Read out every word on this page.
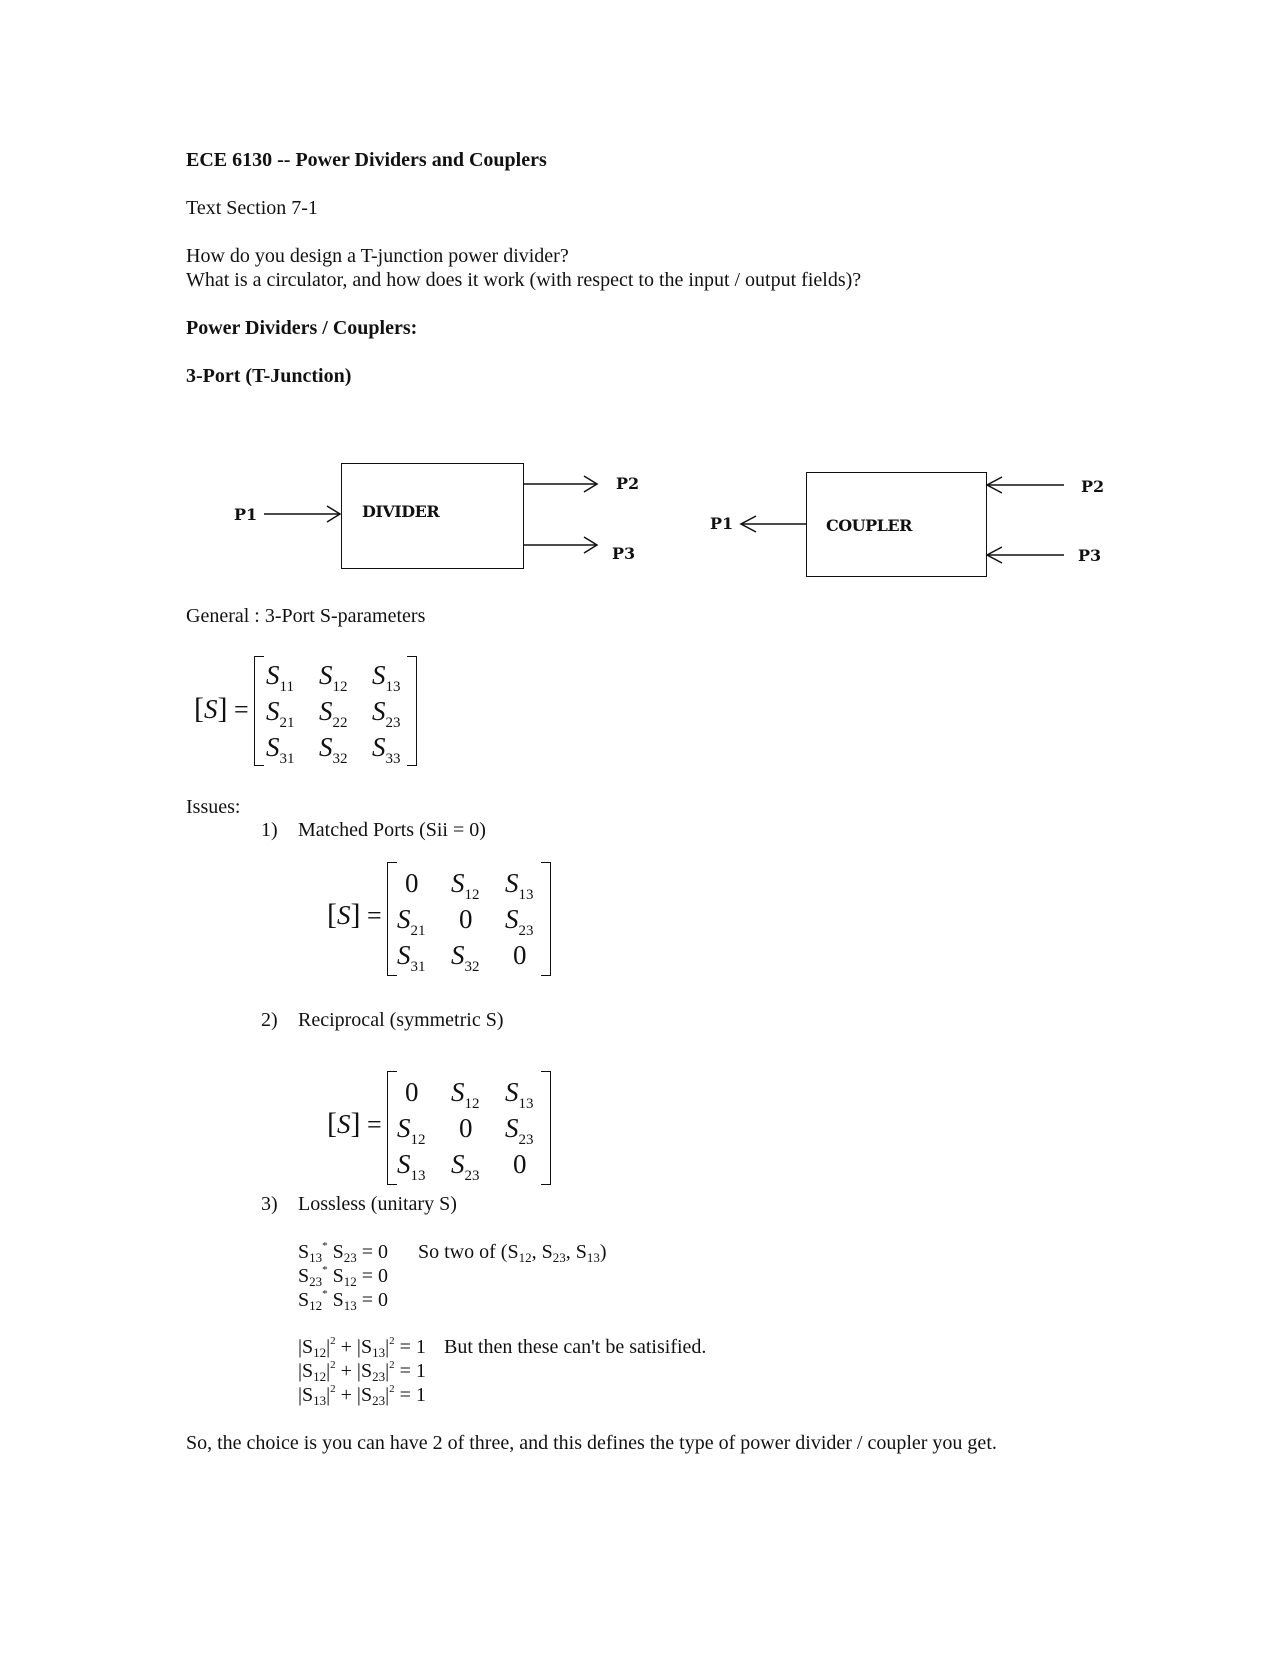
ECE 6130 -- Power Dividers and Couplers
Text Section 7-1
How do you design a T-junction power divider?
What is a circulator, and how does it work (with respect to the input / output fields)?
Power Dividers / Couplers:
3-Port (T-Junction)
P1	DIVIDER
P2
P3
P1	COUPLER
P2
P3
General : 3-Port S-parameters
[S] =
$S_{11}$ $S_{12}$ $S_{13}$
$S_{21}$ $S_{22}$ $S_{23}$
$S_{31}$ $S_{32}$ $S_{33}$
Issues:
1) Matched Ports (Sii = 0)
[S] =
0 $S_{12}$ $S_{13}$
$S_{21}$ 0 $S_{23}$
$S_{31}$ $S_{32}$ 0
2) Reciprocal (symmetric S)
[S] =
0 $S_{12}$ $S_{13}$
$S_{12}$ 0 $S_{23}$
$S_{13}$ $S_{23}$ 0
3) Lossless (unitary S)
$S_{13}^*$ $S_{23} = 0$ So two of ($S_{12}$, $S_{23}$, $S_{13}$)
$S_{23}^*$ $S_{12} = 0$
$S_{12}^*$ $S_{13} = 0$
$|S_{12}|^2 + |S_{13}|^2 = 1$ But then these can't be satisified.
$|S_{12}|^2 + |S_{23}|^2 = 1$
$|S_{13}|^2 + |S_{23}|^2 = 1$
So, the choice is you can have 2 of three, and this defines the type of power divider / coupler you get.
